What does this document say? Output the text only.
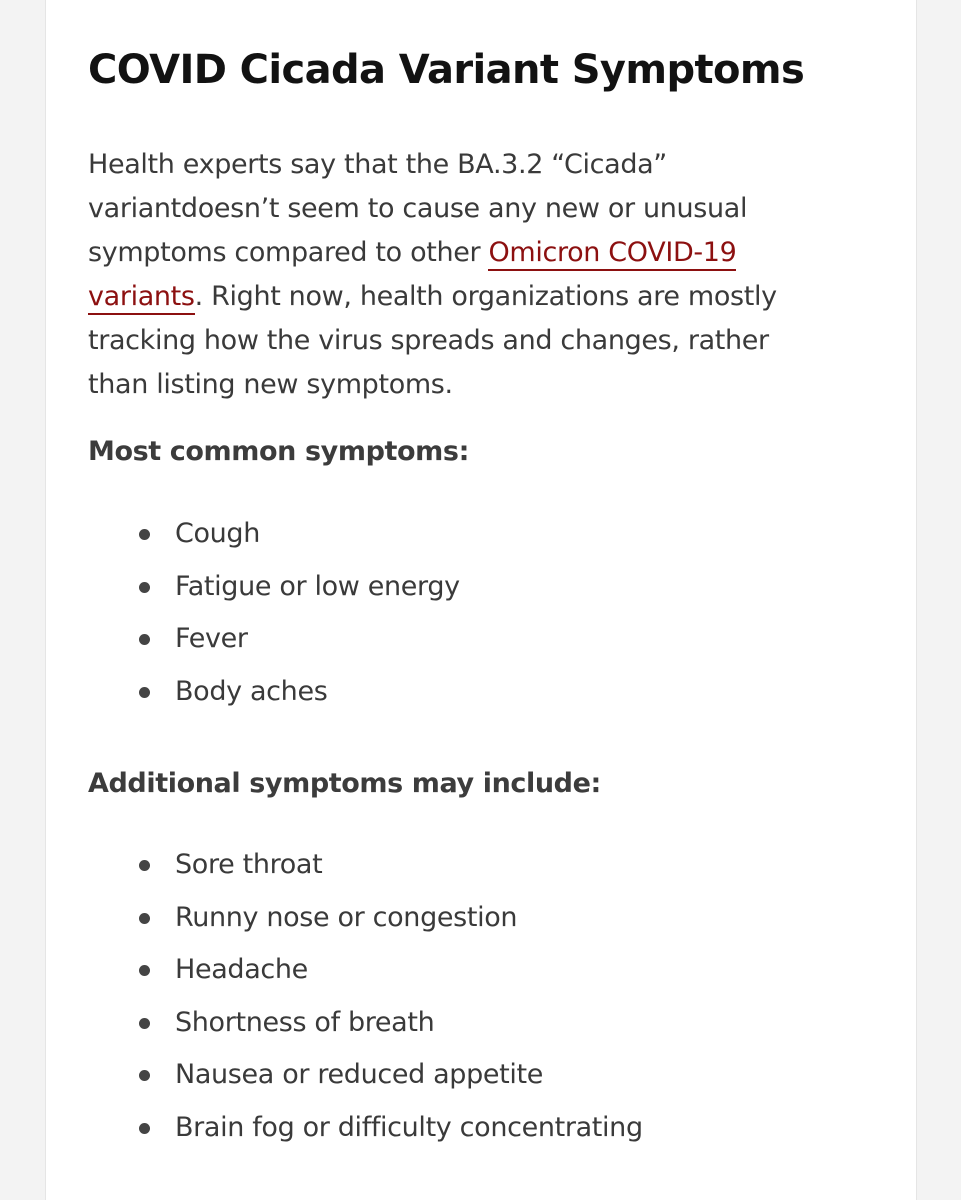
COVID Cicada Variant Symptoms

Health experts say that the BA.3.2 “Cicada”
variantdoesn’t seem to cause any new or unusual
symptoms compared to other Omicron COVID-19
variants. Right now, health organizations are mostly
tracking how the virus spreads and changes, rather
than listing new symptoms.

Most common symptoms:
Cough
Fatigue or low energy
Fever
Body aches
Additional symptoms may include:
Sore throat
Runny nose or congestion
Headache
Shortness of breath
Nausea or reduced appetite
Brain fog or difficulty concentrating
